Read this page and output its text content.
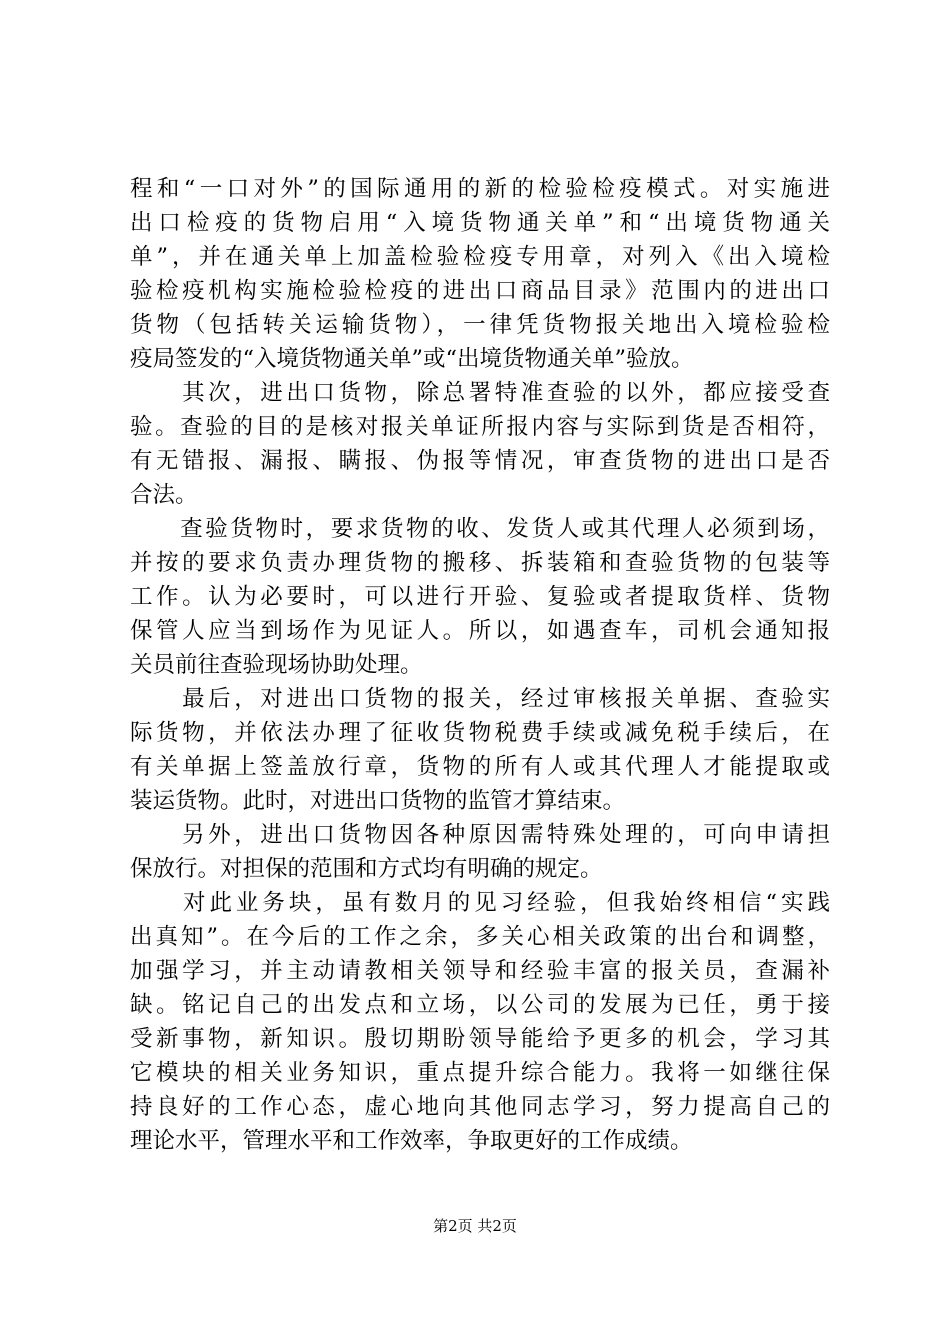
程和“一口对外”的国际通用的新的检验检疫模式。对实施进
出口检疫的货物启用“入境货物通关单”和“出境货物通关
单”，并在通关单上加盖检验检疫专用章，对列入《出入境检
验检疫机构实施检验检疫的进出口商品目录》范围内的进出口
货物（包括转关运输货物），一律凭货物报关地出入境检验检
疫局签发的“入境货物通关单”或“出境货物通关单”验放。
　　其次，进出口货物，除总署特准查验的以外，都应接受查
验。查验的目的是核对报关单证所报内容与实际到货是否相符，
有无错报、漏报、瞒报、伪报等情况，审查货物的进出口是否
合法。
　　查验货物时，要求货物的收、发货人或其代理人必须到场，
并按的要求负责办理货物的搬移、拆装箱和查验货物的包装等
工作。认为必要时，可以进行开验、复验或者提取货样、货物
保管人应当到场作为见证人。所以，如遇查车，司机会通知报
关员前往查验现场协助处理。
　　最后，对进出口货物的报关，经过审核报关单据、查验实
际货物，并依法办理了征收货物税费手续或减免税手续后，在
有关单据上签盖放行章，货物的所有人或其代理人才能提取或
装运货物。此时，对进出口货物的监管才算结束。
　　另外，进出口货物因各种原因需特殊处理的，可向申请担
保放行。对担保的范围和方式均有明确的规定。
　　对此业务块，虽有数月的见习经验，但我始终相信“实践
出真知”。在今后的工作之余，多关心相关政策的出台和调整，
加强学习，并主动请教相关领导和经验丰富的报关员，查漏补
缺。铭记自己的出发点和立场，以公司的发展为已任，勇于接
受新事物，新知识。殷切期盼领导能给予更多的机会，学习其
它模块的相关业务知识，重点提升综合能力。我将一如继往保
持良好的工作心态，虚心地向其他同志学习，努力提高自己的
理论水平，管理水平和工作效率，争取更好的工作成绩。
第2页 共2页
